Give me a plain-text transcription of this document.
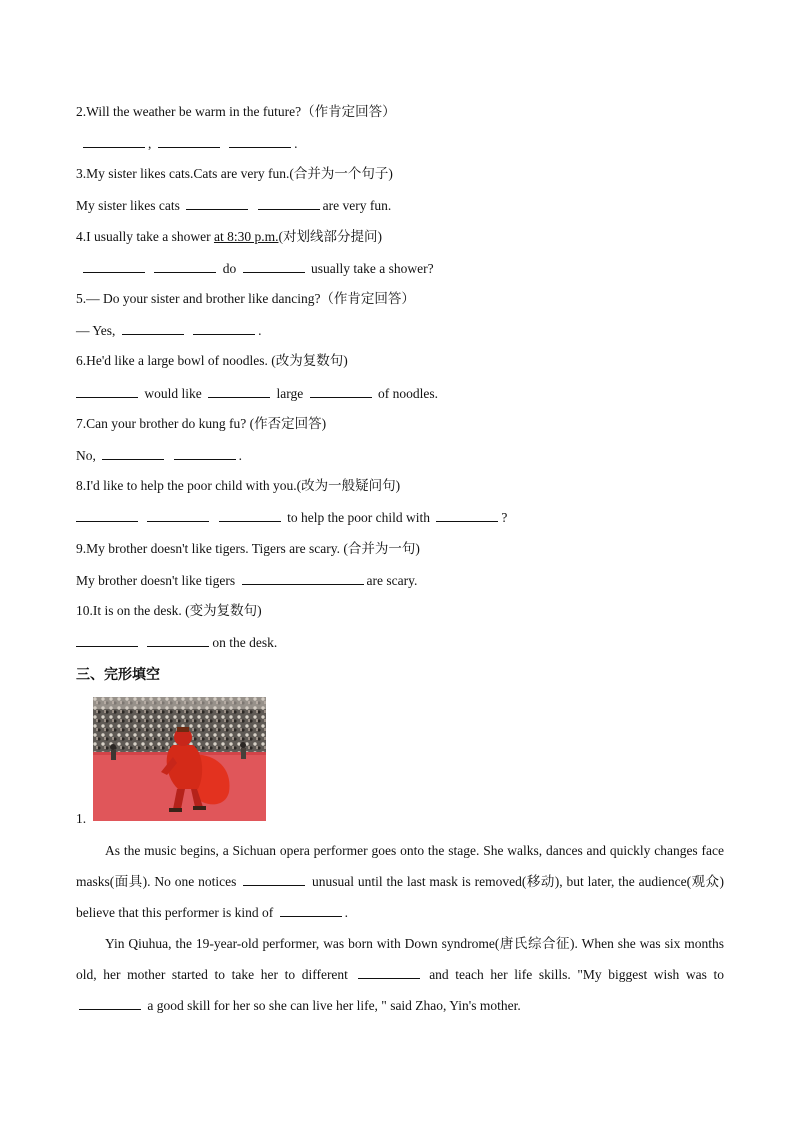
2.Will the weather be warm in the future?（作肯定回答）
,	.
3.My sister likes cats.Cats are very fun.(合并为一个句子)
My sister likes cats	are very fun.
4.I usually take a shower at 8:30 p.m.(对划线部分提问)
do	usually take a shower?
5.— Do your sister and brother like dancing?（作肯定回答）
— Yes,	.
6.He'd like a large bowl of noodles. (改为复数句)
would like	large	of noodles.
7.Can your brother do kung fu? (作否定回答)
No,	.
8.I'd like to help the poor child with you.(改为一般疑问句)
to help the poor child with	?
9.My brother doesn't like tigers. Tigers are scary. (合并为一句)
My brother doesn't like tigers	are scary.
10.It is on the desk. (变为复数句)
on the desk.
三、完形填空
1.
As the music begins, a Sichuan opera performer goes onto the stage. She walks, dances and quickly changes face masks(面具). No one notices	unusual until the last mask is removed(移动), but later, the audience(观众) believe that this performer is kind of	.
Yin Qiuhua, the 19-year-old performer, was born with Down syndrome(唐氏综合征). When she was six months old, her mother started to take her to different	and teach her life skills. "My biggest wish was to  a good skill for her so she can live her life, " said Zhao, Yin's mother.
